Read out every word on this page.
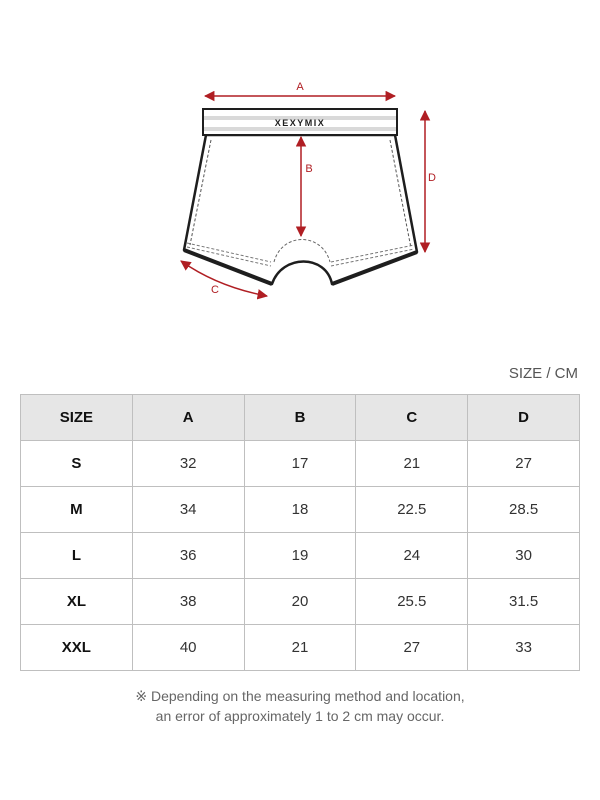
XEXYMIX
A
B
D
C
SIZE / CM
SIZE	A	B	C	D
S	32	17	21	27
M	34	18	22.5	28.5
L	36	19	24	30
XL	38	20	25.5	31.5
XXL	40	21	27	33
※ Depending on the measuring method and location,
an error of approximately 1 to 2 cm may occur.
